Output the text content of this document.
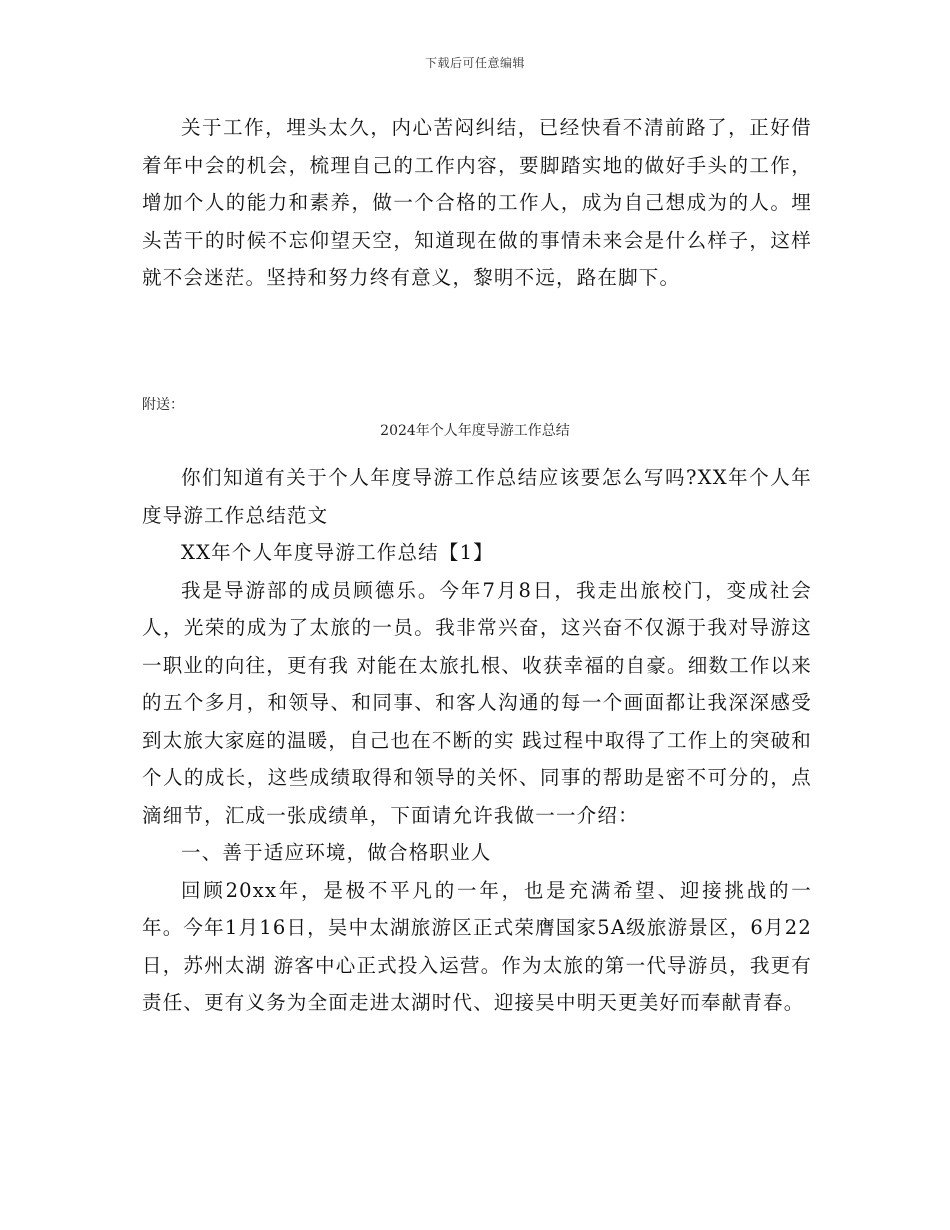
下载后可任意编辑

关于工作，埋头太久，内心苦闷纠结，已经快看不清前路了，正好借着年中会的机会，梳理自己的工作内容，要脚踏实地的做好手头的工作，增加个人的能力和素养，做一个合格的工作人，成为自己想成为的人。埋头苦干的时候不忘仰望天空，知道现在做的事情未来会是什么样子，这样就不会迷茫。坚持和努力终有意义，黎明不远，路在脚下。

附送：
2024年个人年度导游工作总结

你们知道有关于个人年度导游工作总结应该要怎么写吗?XX年个人年度导游工作总结范文

XX年个人年度导游工作总结【1】

我是导游部的成员顾德乐。今年7月8日，我走出旅校门，变成社会人，光荣的成为了太旅的一员。我非常兴奋，这兴奋不仅源于我对导游这一职业的向往，更有我 对能在太旅扎根、收获幸福的自豪。细数工作以来的五个多月，和领导、和同事、和客人沟通的每一个画面都让我深深感受到太旅大家庭的温暖，自己也在不断的实 践过程中取得了工作上的突破和个人的成长，这些成绩取得和领导的关怀、同事的帮助是密不可分的，点滴细节，汇成一张成绩单，下面请允许我做一一介绍：

一、善于适应环境，做合格职业人

回顾20xx年，是极不平凡的一年，也是充满希望、迎接挑战的一年。今年1月16日，吴中太湖旅游区正式荣膺国家5A级旅游景区，6月22日，苏州太湖 游客中心正式投入运营。作为太旅的第一代导游员，我更有责任、更有义务为全面走进太湖时代、迎接吴中明天更美好而奉献青春。
